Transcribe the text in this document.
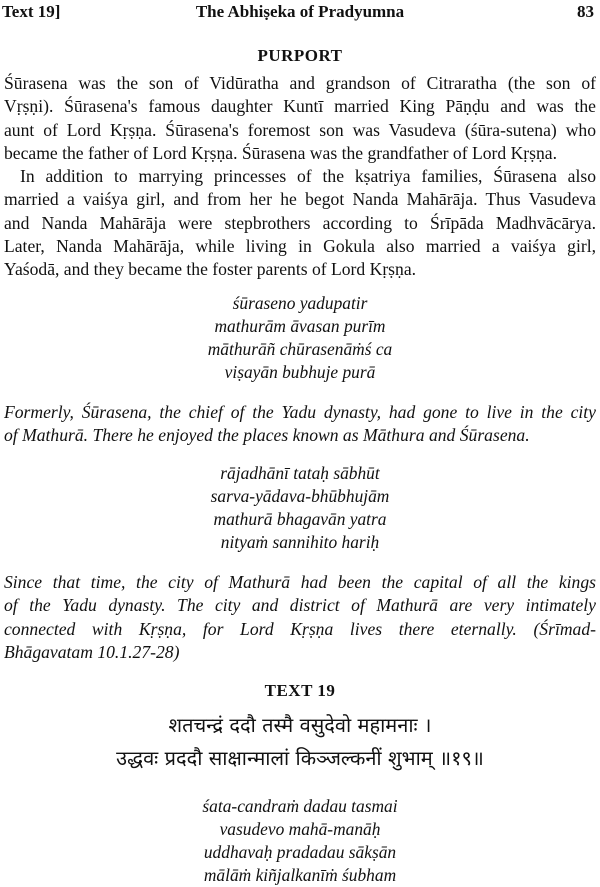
Text 19]	The Abhiṣeka of Pradyumna	83
PURPORT
Śūrasena was the son of Vidūratha and grandson of Citraratha (the son of
Vṛṣṇi). Śūrasena's famous daughter Kuntī married King Pāṇḍu and was the
aunt of Lord Kṛṣṇa. Śūrasena's foremost son was Vasudeva (śūra-sutena) who
became the father of Lord Kṛṣṇa. Śūrasena was the grandfather of Lord Kṛṣṇa.
In addition to marrying princesses of the kṣatriya families, Śūrasena also
married a vaiśya girl, and from her he begot Nanda Mahārāja. Thus Vasudeva
and Nanda Mahārāja were stepbrothers according to Śrīpāda Madhvācārya.
Later, Nanda Mahārāja, while living in Gokula also married a vaiśya girl,
Yaśodā, and they became the foster parents of Lord Kṛṣṇa.
śūraseno yadupatir
mathurām āvasan purīm
māthurāñ chūrasenāṁś ca
viṣayān bubhuje purā
Formerly, Śūrasena, the chief of the Yadu dynasty, had gone to live in the city
of Mathurā. There he enjoyed the places known as Māthura and Śūrasena.
rājadhānī tataḥ sābhūt
sarva-yādava-bhūbhujām
mathurā bhagavān yatra
nityaṁ sannihito hariḥ
Since that time, the city of Mathurā had been the capital of all the kings
of the Yadu dynasty. The city and district of Mathurā are very intimately
connected with Kṛṣṇa, for Lord Kṛṣṇa lives there eternally. (Śrīmad-
Bhāgavatam 10.1.27-28)
TEXT 19
शतचन्द्रं ददौ तस्मै वसुदेवो महामनाः ।
उद्धवः प्रददौ साक्षान्मालां किञ्जल्कनीं शुभाम् ॥१९॥
śata-candraṁ dadau tasmai
vasudevo mahā-manāḥ
uddhavaḥ pradadau sākṣān
mālāṁ kiñjalkanīṁ śubham
